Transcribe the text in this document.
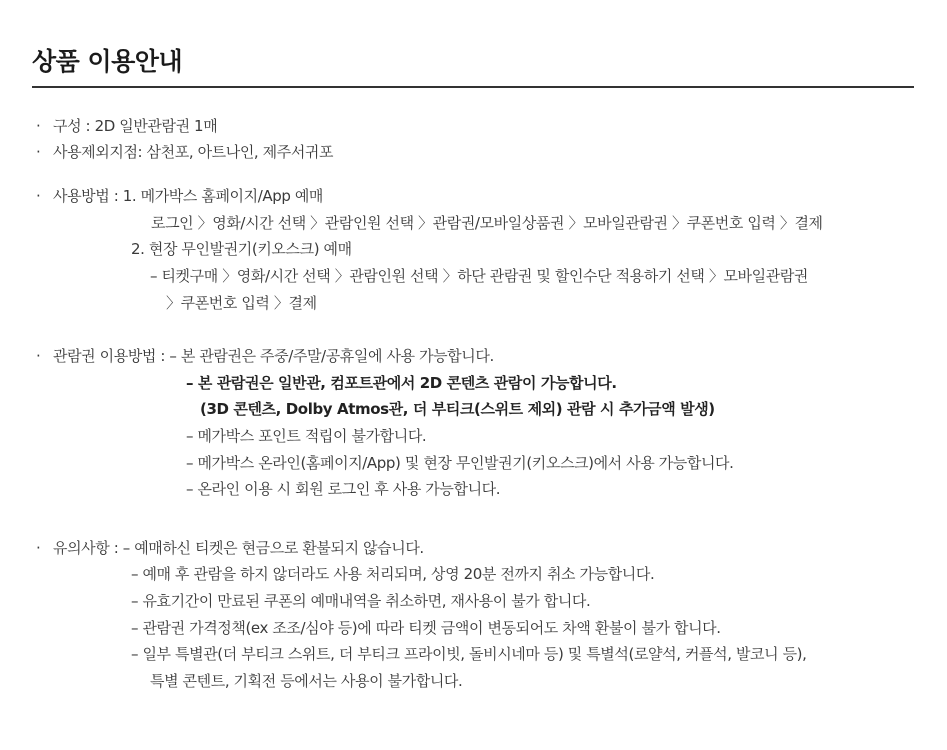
상품 이용안내
· 구성 : 2D 일반관람권 1매
· 사용제외지점: 삼천포, 아트나인, 제주서귀포
· 사용방법 : 1. 메가박스 홈페이지/App 예매
로그인 〉영화/시간 선택 〉관람인원 선택 〉관람권/모바일상품권 〉모바일관람권 〉쿠폰번호 입력 〉결제
2. 현장 무인발권기(키오스크) 예매
– 티켓구매 〉영화/시간 선택 〉관람인원 선택 〉하단 관람권 및 할인수단 적용하기 선택 〉모바일관람권
〉쿠폰번호 입력 〉결제
· 관람권 이용방법 : – 본 관람권은 주중/주말/공휴일에 사용 가능합니다.
– 본 관람권은 일반관, 컴포트관에서 2D 콘텐츠 관람이 가능합니다.
(3D 콘텐츠, Dolby Atmos관, 더 부티크(스위트 제외) 관람 시 추가금액 발생)
– 메가박스 포인트 적립이 불가합니다.
– 메가박스 온라인(홈페이지/App) 및 현장 무인발권기(키오스크)에서 사용 가능합니다.
– 온라인 이용 시 회원 로그인 후 사용 가능합니다.
· 유의사항 : – 예매하신 티켓은 현금으로 환불되지 않습니다.
– 예매 후 관람을 하지 않더라도 사용 처리되며, 상영 20분 전까지 취소 가능합니다.
– 유효기간이 만료된 쿠폰의 예매내역을 취소하면, 재사용이 불가 합니다.
– 관람권 가격정책(ex 조조/심야 등)에 따라 티켓 금액이 변동되어도 차액 환불이 불가 합니다.
– 일부 특별관(더 부티크 스위트, 더 부티크 프라이빗, 돌비시네마 등) 및 특별석(로얄석, 커플석, 발코니 등),
특별 콘텐트, 기획전 등에서는 사용이 불가합니다.
